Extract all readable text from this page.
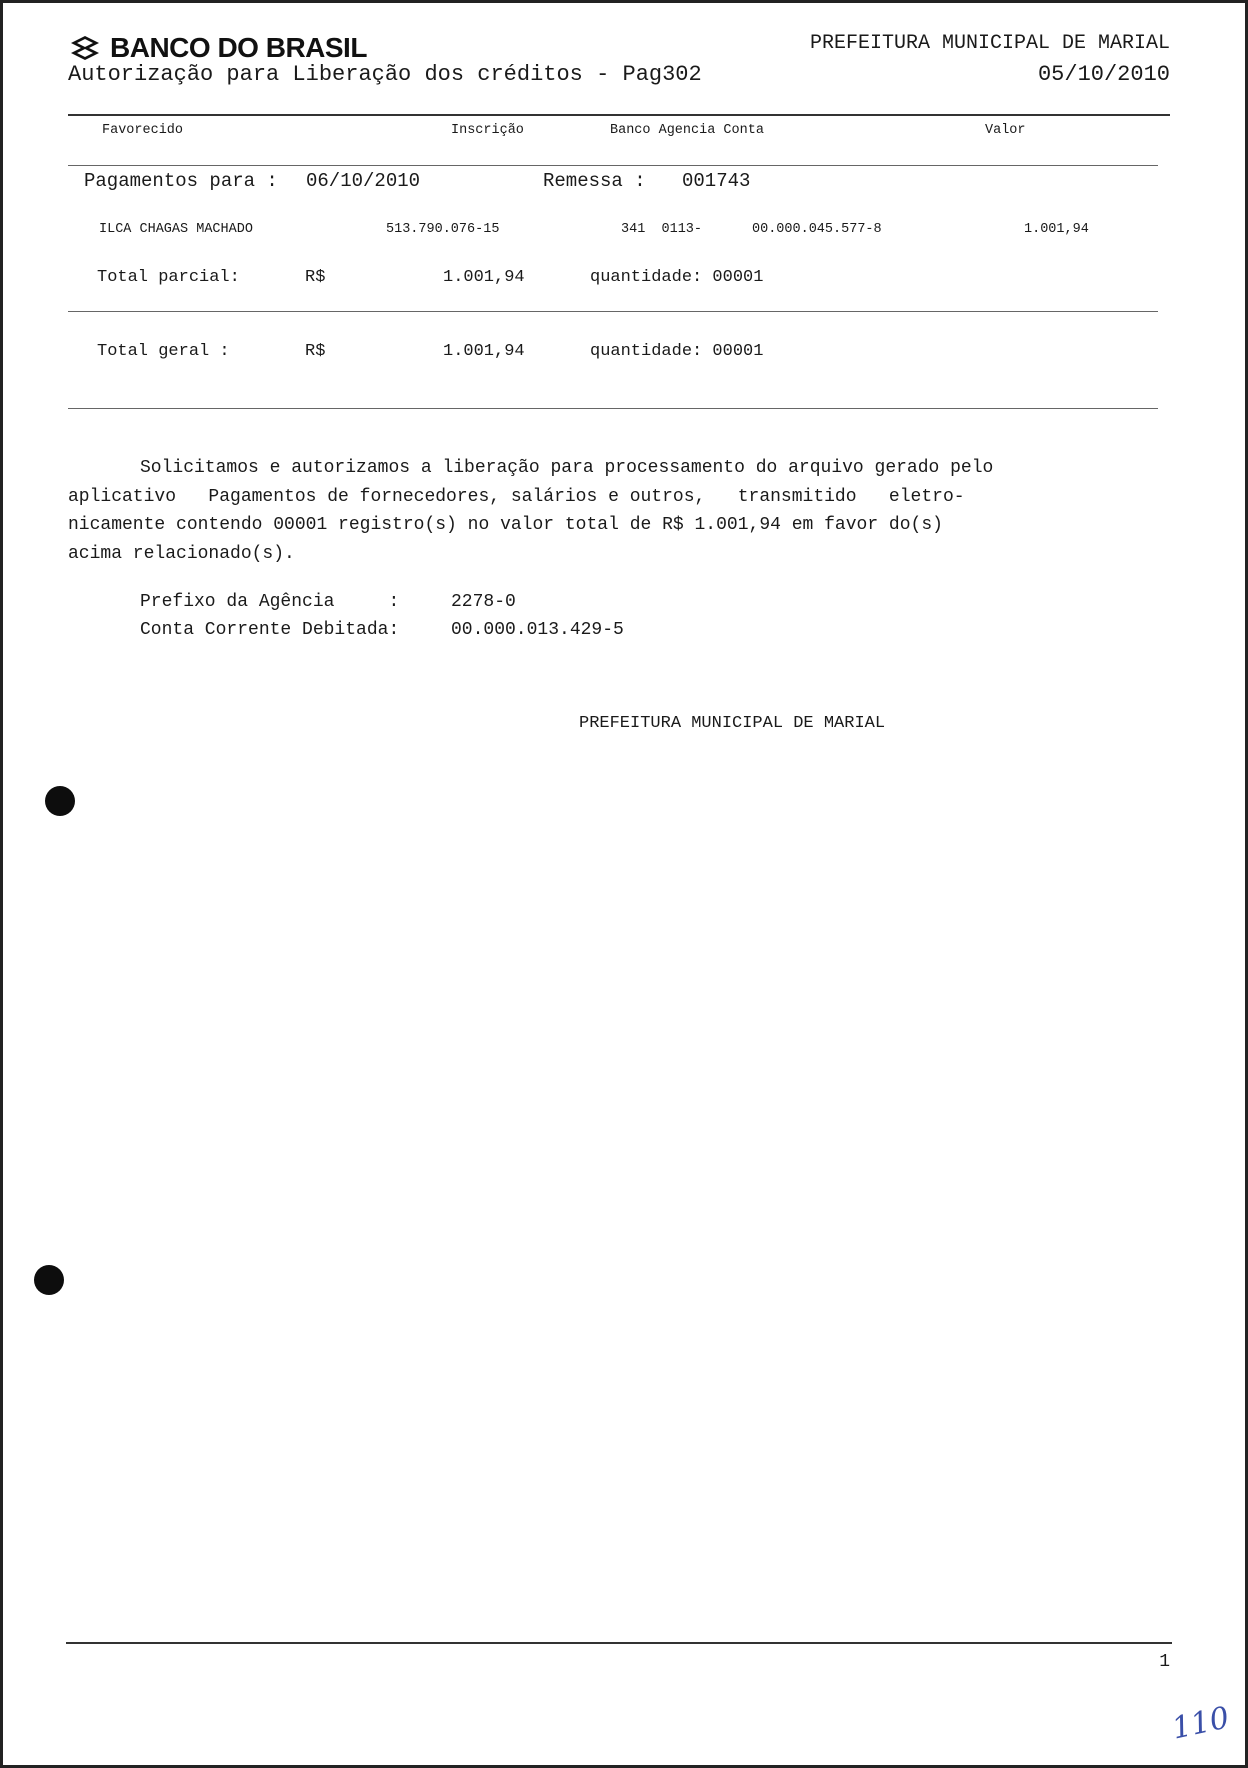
BANCO DO BRASIL
Autorização para Liberação dos créditos - Pag302
PREFEITURA MUNICIPAL DE MARIAL
05/10/2010
Favorecido	Inscrição	Banco Agencia Conta	Valor
Pagamentos para : 06/10/2010	Remessa : 001743
ILCA CHAGAS MACHADO	513.790.076-15	341  0113-	00.000.045.577-8	1.001,94
Total parcial:	R$	1.001,94	quantidade: 00001
Total geral :	R$	1.001,94	quantidade: 00001
Solicitamos e autorizamos a liberação para processamento do arquivo gerado pelo
aplicativo   Pagamentos de fornecedores, salários e outros,   transmitido   eletro-
nicamente contendo 00001 registro(s) no valor total de R$ 1.001,94 em favor do(s)
acima relacionado(s).
Prefixo da Agência     :	2278-0
Conta Corrente Debitada:	00.000.013.429-5
PREFEITURA MUNICIPAL DE MARIAL
1
110
